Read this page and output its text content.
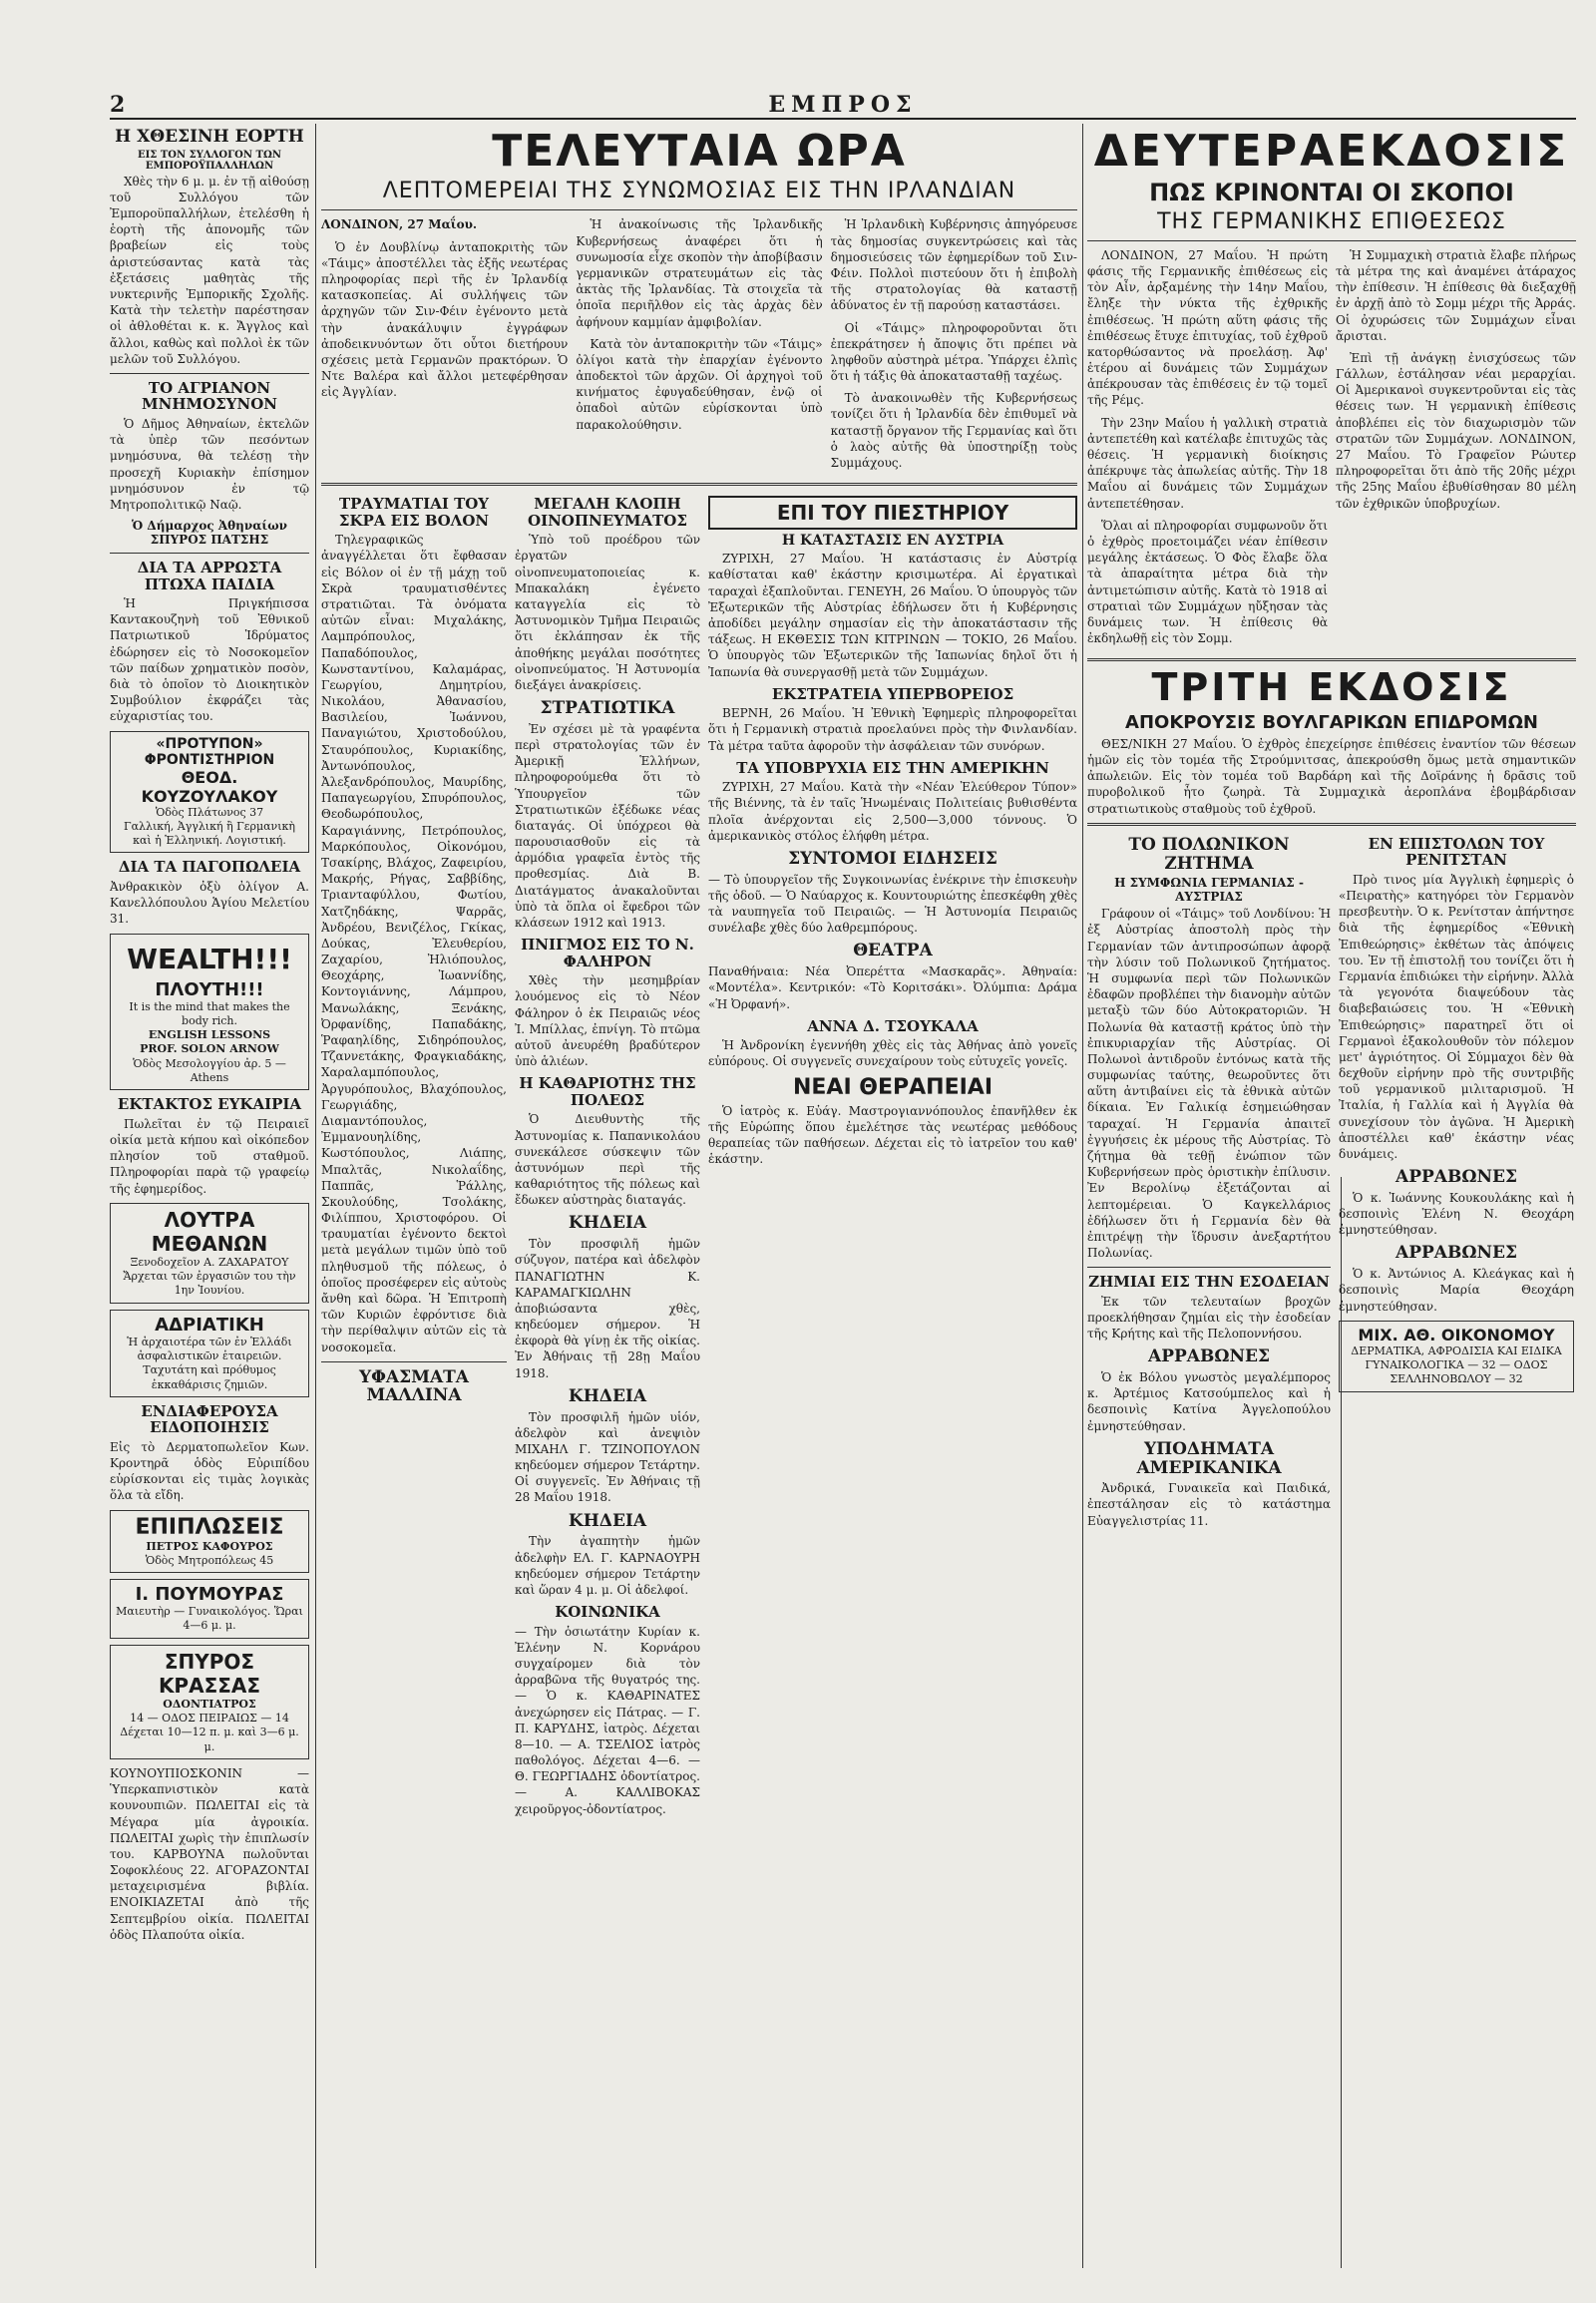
2	ΕΜΠΡΟΣ
Η ΧΘΕΣΙΝΗ ΕΟΡΤΗ
ΕΙΣ ΤΟΝ ΣΥΛΛΟΓΟΝ ΤΩΝ ΕΜΠΟΡΟΫΠΑΛΛΗΛΩΝ

Χθὲς τὴν 6 μ. μ. ἐν τῇ αἰθούσῃ τοῦ Συλλόγου τῶν Ἐμποροϋπαλλήλων, ἐτελέσθη ἡ ἑορτὴ τῆς ἀπονομῆς τῶν βραβείων εἰς τοὺς ἀριστεύσαντας κατὰ τὰς ἐξετάσεις μαθητὰς τῆς νυκτερινῆς Ἐμπορικῆς Σχολῆς. Κατὰ τὴν τελετὴν παρέστησαν οἱ ἀθλοθέται κ. κ. Ἄγγλος καὶ ἄλλοι, καθὼς καὶ πολλοὶ ἐκ τῶν μελῶν τοῦ Συλλόγου.

ΤΟ ΑΓΡΙΑΝΟΝ ΜΝΗΜΟΣΥΝΟΝ

Ὁ Δῆμος Ἀθηναίων, ἐκτελῶν τὰ ὑπὲρ τῶν πεσόντων μνημόσυνα, θὰ τελέσῃ τὴν προσεχῆ Κυριακὴν ἐπίσημον μνημόσυνον ἐν τῷ Μητροπολιτικῷ Ναῷ.

Ὁ Δήμαρχος Ἀθηναίων ΣΠΥΡΟΣ ΠΑΤΣΗΣ
ΔΙΑ ΤΑ ΑΡΡΩΣΤΑ ΠΤΩΧΑ ΠΑΙΔΙΑ

Ἡ Πριγκήπισσα Καντακουζηνὴ τοῦ Ἐθνικοῦ Πατριωτικοῦ Ἱδρύματος ἐδώρησεν εἰς τὸ Νοσοκομεῖον τῶν παίδων χρηματικὸν ποσὸν, διὰ τὸ ὁποῖον τὸ Διοικητικὸν Συμβούλιον ἐκφράζει τὰς εὐχαριστίας του.

«ΠΡΟΤΥΠΟΝ» ΦΡΟΝΤΙΣΤΗΡΙΟΝ
ΘΕΟΔ. ΚΟΥΖΟΥΛΑΚΟΥ
Ὁδὸς Πλάτωνος 37
Γαλλική, Ἀγγλική ἢ Γερμανικὴ καὶ ἡ Ἑλληνική. Λογιστική.
ΔΙΑ ΤΑ ΠΑΓΟΠΩΛΕΙΑ

Ἀνθρακικὸν ὀξὺ ὀλίγον Α. Κανελλόπουλου Ἁγίου Μελετίου 31.

WEALTH!!!
ΠΛΟΥΤΗ!!!
It is the mind that makes the body rich.
ENGLISH LESSONS
PROF. SOLON ARNOW
Ὁδὸς Μεσολογγίου ἀρ. 5 — Athens
ΕΚΤΑΚΤΟΣ ΕΥΚΑΙΡΙΑ

Πωλεῖται ἐν τῷ Πειραιεῖ οἰκία μετὰ κήπου καὶ οἰκόπεδον πλησίον τοῦ σταθμοῦ. Πληροφορίαι παρὰ τῷ γραφείῳ τῆς ἐφημερίδος.

ΛΟΥΤΡΑ ΜΕΘΑΝΩΝ
Ξενοδοχεῖον Α. ΖΑΧΑΡΑΤΟΥ
Ἄρχεται τῶν ἐργασιῶν του τὴν 1ην Ἰουνίου.
ΑΔΡΙΑΤΙΚΗ
Ἡ ἀρχαιοτέρα τῶν ἐν Ἑλλάδι ἀσφαλιστικῶν ἑταιρειῶν. Ταχυτάτη καὶ πρόθυμος ἐκκαθάρισις ζημιῶν.
ΕΝΔΙΑΦΕΡΟΥΣΑ ΕΙΔΟΠΟΙΗΣΙΣ

Εἰς τὸ Δερματοπωλεῖον Κων. Κροντηρᾶ ὁδὸς Εὐριπίδου εὑρίσκονται εἰς τιμὰς λογικὰς ὅλα τὰ εἴδη.

ΕΠΙΠΛΩΣΕΙΣ
ΠΕΤΡΟΣ ΚΑΦΟΥΡΟΣ
Ὁδὸς Μητροπόλεως 45
Ι. ΠΟΥΜΟΥΡΑΣ
Μαιευτὴρ — Γυναικολόγος. Ὥραι 4—6 μ. μ.
ΣΠΥΡΟΣ ΚΡΑΣΣΑΣ
ΟΔΟΝΤΙΑΤΡΟΣ
14 — ΟΔΟΣ ΠΕΙΡΑΙΩΣ — 14
Δέχεται 10—12 π. μ. καὶ 3—6 μ. μ.

ΚΟΥΝΟΥΠΙΟΣΚΟΝΙΝ — Ὑπερκαπνιστικὸν κατὰ κουνουπιῶν. ΠΩΛΕΙΤΑΙ εἰς τὰ Μέγαρα μία ἀγροικία. ΠΩΛΕΙΤΑΙ χωρὶς τὴν ἐπιπλωσίν του. ΚΑΡΒΟΥΝΑ πωλοῦνται Σοφοκλέους 22. ΑΓΟΡΑΖΟΝΤΑΙ μεταχειρισμένα βιβλία. ΕΝΟΙΚΙΑΖΕΤΑΙ ἀπὸ τῆς Σεπτεμβρίου οἰκία. ΠΩΛΕΙΤΑΙ ὁδὸς Πλαπούτα οἰκία.

ΤΕΛΕΥΤΑΙΑ ΩΡΑ
ΛΕΠΤΟΜΕΡΕΙΑΙ ΤΗΣ ΣΥΝΩΜΟΣΙΑΣ ΕΙΣ ΤΗΝ ΙΡΛΑΝΔΙΑΝ

ΛΟΝΔΙΝΟΝ, 27 Μαΐου.

Ὁ ἐν Δουβλίνῳ ἀνταποκριτὴς τῶν «Τάιμς» ἀποστέλλει τὰς ἑξῆς νεωτέρας πληροφορίας περὶ τῆς ἐν Ἰρλανδίᾳ κατασκοπείας. Αἱ συλλήψεις τῶν ἀρχηγῶν τῶν Σιν-Φέιν ἐγένοντο μετὰ τὴν ἀνακάλυψιν ἐγγράφων ἀποδεικνυόντων ὅτι οὗτοι διετήρουν σχέσεις μετὰ Γερμανῶν πρακτόρων. Ὁ Ντε Βαλέρα καὶ ἄλλοι μετεφέρθησαν εἰς Ἀγγλίαν.

Ἡ ἀνακοίνωσις τῆς Ἰρλανδικῆς Κυβερνήσεως ἀναφέρει ὅτι ἡ συνωμοσία εἶχε σκοπὸν τὴν ἀποβίβασιν γερμανικῶν στρατευμάτων εἰς τὰς ἀκτὰς τῆς Ἰρλανδίας. Τὰ στοιχεῖα τὰ ὁποῖα περιῆλθον εἰς τὰς ἀρχὰς δὲν ἀφήνουν καμμίαν ἀμφιβολίαν.

Κατὰ τὸν ἀνταποκριτὴν τῶν «Τάιμς» ὀλίγοι κατὰ τὴν ἐπαρχίαν ἐγένοντο ἀποδεκτοὶ τῶν ἀρχῶν. Οἱ ἀρχηγοὶ τοῦ κινήματος ἐφυγαδεύθησαν, ἐνῷ οἱ ὀπαδοὶ αὐτῶν εὑρίσκονται ὑπὸ παρακολούθησιν.

Ἡ Ἰρλανδικὴ Κυβέρνησις ἀπηγόρευσε τὰς δημοσίας συγκεντρώσεις καὶ τὰς δημοσιεύσεις τῶν ἐφημερίδων τοῦ Σιν-Φέιν. Πολλοὶ πιστεύουν ὅτι ἡ ἐπιβολὴ τῆς στρατολογίας θὰ καταστῇ ἀδύνατος ἐν τῇ παρούσῃ καταστάσει.

Οἱ «Τάιμς» πληροφοροῦνται ὅτι ἐπεκράτησεν ἡ ἄποψις ὅτι πρέπει νὰ ληφθοῦν αὐστηρὰ μέτρα. Ὑπάρχει ἐλπὶς ὅτι ἡ τάξις θὰ ἀποκατασταθῇ ταχέως.

Τὸ ἀνακοινωθὲν τῆς Κυβερνήσεως τονίζει ὅτι ἡ Ἰρλανδία δὲν ἐπιθυμεῖ νὰ καταστῇ ὄργανον τῆς Γερμανίας καὶ ὅτι ὁ λαὸς αὐτῆς θὰ ὑποστηρίξῃ τοὺς Συμμάχους.

ΤΡΑΥΜΑΤΙΑΙ ΤΟΥ ΣΚΡΑ ΕΙΣ ΒΟΛΟΝ

Τηλεγραφικῶς ἀναγγέλλεται ὅτι ἔφθασαν εἰς Βόλον οἱ ἐν τῇ μάχῃ τοῦ Σκρὰ τραυματισθέντες στρατιῶται. Τὰ ὀνόματα αὐτῶν εἶναι: Μιχαλάκης, Λαμπρόπουλος, Παπαδόπουλος, Κωνσταντίνου, Καλαμάρας, Γεωργίου, Δημητρίου, Νικολάου, Ἀθανασίου, Βασιλείου, Ἰωάννου, Παναγιώτου, Χριστοδούλου, Σταυρόπουλος, Κυριακίδης, Ἀντωνόπουλος, Ἀλεξανδρόπουλος, Μαυρίδης, Παπαγεωργίου, Σπυρόπουλος, Θεοδωρόπουλος, Καραγιάννης, Πετρόπουλος, Μαρκόπουλος, Οἰκονόμου, Τσακίρης, Βλάχος, Ζαφειρίου, Μακρής, Ρήγας, Σαββίδης, Τριανταφύλλου, Φωτίου, Χατζηδάκης, Ψαρρᾶς, Ἀνδρέου, Βενιζέλος, Γκίκας, Δούκας, Ἐλευθερίου, Ζαχαρίου, Ἠλιόπουλος, Θεοχάρης, Ἰωαννίδης, Κοντογιάννης, Λάμπρου, Μανωλάκης, Ξενάκης, Ὀρφανίδης, Παπαδάκης, Ῥαφαηλίδης, Σιδηρόπουλος, Τζαννετάκης, Φραγκιαδάκης, Χαραλαμπόπουλος, Ἀργυρόπουλος, Βλαχόπουλος, Γεωργιάδης, Διαμαντόπουλος, Ἐμμανουηλίδης, Κωστόπουλος, Λιάπης, Μπαλτᾶς, Νικολαΐδης, Παππᾶς, Ῥάλλης, Σκουλούδης, Τσολάκης, Φιλίππου, Χριστοφόρου. Οἱ τραυματίαι ἐγένοντο δεκτοὶ μετὰ μεγάλων τιμῶν ὑπὸ τοῦ πληθυσμοῦ τῆς πόλεως, ὁ ὁποῖος προσέφερεν εἰς αὐτοὺς ἄνθη καὶ δῶρα. Ἡ Ἐπιτροπὴ τῶν Κυριῶν ἐφρόντισε διὰ τὴν περίθαλψιν αὐτῶν εἰς τὰ νοσοκομεῖα.

ΥΦΑΣΜΑΤΑ ΜΑΛΛΙΝΑ
ΜΕΓΑΛΗ ΚΛΟΠΗ ΟΙΝΟΠΝΕΥΜΑΤΟΣ

Ὑπὸ τοῦ προέδρου τῶν ἐργατῶν οἰνοπνευματοποιείας κ. Μπακαλάκη ἐγένετο καταγγελία εἰς τὸ Ἀστυνομικὸν Τμῆμα Πειραιῶς ὅτι ἐκλάπησαν ἐκ τῆς ἀποθήκης μεγάλαι ποσότητες οἰνοπνεύματος. Ἡ Ἀστυνομία διεξάγει ἀνακρίσεις.

ΣΤΡΑΤΙΩΤΙΚΑ

Ἐν σχέσει μὲ τὰ γραφέντα περὶ στρατολογίας τῶν ἐν Ἀμερικῇ Ἑλλήνων, πληροφορούμεθα ὅτι τὸ Ὑπουργεῖον τῶν Στρατιωτικῶν ἐξέδωκε νέας διαταγάς. Οἱ ὑπόχρεοι θὰ παρουσιασθοῦν εἰς τὰ ἀρμόδια γραφεῖα ἐντὸς τῆς προθεσμίας. Διὰ Β. Διατάγματος ἀνακαλοῦνται ὑπὸ τὰ ὅπλα οἱ ἔφεδροι τῶν κλάσεων 1912 καὶ 1913.

ΠΝΙΓΜΟΣ ΕΙΣ ΤΟ Ν. ΦΑΛΗΡΟΝ

Χθὲς τὴν μεσημβρίαν λουόμενος εἰς τὸ Νέον Φάληρον ὁ ἐκ Πειραιῶς νέος Ἰ. Μπίλλας, ἐπνίγη. Τὸ πτῶμα αὐτοῦ ἀνευρέθη βραδύτερον ὑπὸ ἁλιέων.

Η ΚΑΘΑΡΙΟΤΗΣ ΤΗΣ ΠΟΛΕΩΣ

Ὁ Διευθυντὴς τῆς Ἀστυνομίας κ. Παπανικολάου συνεκάλεσε σύσκεψιν τῶν ἀστυνόμων περὶ τῆς καθαριότητος τῆς πόλεως καὶ ἔδωκεν αὐστηρὰς διαταγάς.

ΚΗΔΕΙΑ

Τὸν προσφιλῆ ἡμῶν σύζυγον, πατέρα καὶ ἀδελφὸν ΠΑΝΑΓΙΩΤΗΝ Κ. ΚΑΡΑΜΑΓΚΙΩΛΗΝ ἀποβιώσαντα χθὲς, κηδεύομεν σήμερον. Ἡ ἐκφορὰ θὰ γίνῃ ἐκ τῆς οἰκίας. Ἐν Ἀθήναις τῇ 28ῃ Μαΐου 1918.

ΚΗΔΕΙΑ

Τὸν προσφιλῆ ἡμῶν υἱόν, ἀδελφὸν καὶ ἀνεψιὸν ΜΙΧΑΗΛ Γ. ΤΖΙΝΟΠΟΥΛΟΝ κηδεύομεν σήμερον Τετάρτην. Οἱ συγγενεῖς. Ἐν Ἀθήναις τῇ 28 Μαΐου 1918.

ΚΗΔΕΙΑ

Τὴν ἀγαπητὴν ἡμῶν ἀδελφὴν ΕΛ. Γ. ΚΑΡΝΑΟΥΡΗ κηδεύομεν σήμερον Τετάρτην καὶ ὥραν 4 μ. μ. Οἱ ἀδελφοί.

ΚΟΙΝΩΝΙΚΑ

— Τὴν ὁσιωτάτην Κυρίαν κ. Ἐλένην Ν. Κορνάρου συγχαίρομεν διὰ τὸν ἀρραβῶνα τῆς θυγατρός της. — Ὁ κ. ΚΑΘΑΡΙΝΑΤΕΣ ἀνεχώρησεν εἰς Πάτρας. — Γ. Π. ΚΑΡΥΔΗΣ, ἰατρὸς. Δέχεται 8—10. — Α. ΤΣΕΛΙΟΣ ἰατρὸς παθολόγος. Δέχεται 4—6. — Θ. ΓΕΩΡΓΙΑΔΗΣ ὀδοντίατρος. — Α. ΚΑΛΛΙΒΟΚΑΣ χειροῦργος-ὀδοντίατρος.

ΕΠΙ ΤΟΥ ΠΙΕΣΤΗΡΙΟΥ
Η ΚΑΤΑΣΤΑΣΙΣ ΕΝ ΑΥΣΤΡΙΑ

ΖΥΡΙΧΗ, 27 Μαΐου. Ἡ κατάστασις ἐν Αὐστρίᾳ καθίσταται καθ' ἑκάστην κρισιμωτέρα. Αἱ ἐργατικαὶ ταραχαὶ ἐξαπλοῦνται. ΓΕΝΕΥΗ, 26 Μαΐου. Ὁ ὑπουργὸς τῶν Ἐξωτερικῶν τῆς Αὐστρίας ἐδήλωσεν ὅτι ἡ Κυβέρνησις ἀποδίδει μεγάλην σημασίαν εἰς τὴν ἀποκατάστασιν τῆς τάξεως. Η ΕΚΘΕΣΙΣ ΤΩΝ ΚΙΤΡΙΝΩΝ — ΤΟΚΙΟ, 26 Μαΐου. Ὁ ὑπουργὸς τῶν Ἐξωτερικῶν τῆς Ἰαπωνίας δηλοῖ ὅτι ἡ Ἰαπωνία θὰ συνεργασθῇ μετὰ τῶν Συμμάχων.

ΕΚΣΤΡΑΤΕΙΑ ΥΠΕΡΒΟΡΕΙΟΣ

ΒΕΡΝΗ, 26 Μαΐου. Ἡ Ἐθνικὴ Ἐφημερὶς πληροφορεῖται ὅτι ἡ Γερμανικὴ στρατιὰ προελαύνει πρὸς τὴν Φινλανδίαν. Τὰ μέτρα ταῦτα ἀφοροῦν τὴν ἀσφάλειαν τῶν συνόρων.

ΤΑ ΥΠΟΒΡΥΧΙΑ ΕΙΣ ΤΗΝ ΑΜΕΡΙΚΗΝ

ΖΥΡΙΧΗ, 27 Μαΐου. Κατὰ τὴν «Νέαν Ἐλεύθερον Τύπον» τῆς Βιέννης, τὰ ἐν ταῖς Ἡνωμέναις Πολιτείαις βυθισθέντα πλοῖα ἀνέρχονται εἰς 2,500—3,000 τόννους. Ὁ ἀμερικανικὸς στόλος ἐλήφθη μέτρα.

ΣΥΝΤΟΜΟΙ ΕΙΔΗΣΕΙΣ

— Τὸ ὑπουργεῖον τῆς Συγκοινωνίας ἐνέκρινε τὴν ἐπισκευὴν τῆς ὁδοῦ. — Ὁ Ναύαρχος κ. Κουντουριώτης ἐπεσκέφθη χθὲς τὰ ναυπηγεῖα τοῦ Πειραιῶς. — Ἡ Ἀστυνομία Πειραιῶς συνέλαβε χθὲς δύο λαθρεμπόρους.

ΘΕΑΤΡΑ

Παναθήναια: Νέα Ὀπερέττα «Μασκαρᾶς». Ἀθηναία: «Μοντέλα». Κεντρικόν: «Τὸ Κοριτσάκι». Ὀλύμπια: Δράμα «Ἡ Ὀρφανή».

ΑΝΝΑ Δ. ΤΣΟΥΚΑΛΑ

Ἡ Ἀνδρονίκη ἐγεννήθη χθὲς εἰς τὰς Ἀθήνας ἀπὸ γονεῖς εὐπόρους. Οἱ συγγενεῖς συνεχαίρουν τοὺς εὐτυχεῖς γονεῖς.

ΝΕΑΙ ΘΕΡΑΠΕΙΑΙ

Ὁ ἰατρὸς κ. Εὐάγ. Μαστρογιαννόπουλος ἐπανῆλθεν ἐκ τῆς Εὐρώπης ὅπου ἐμελέτησε τὰς νεωτέρας μεθόδους θεραπείας τῶν παθήσεων. Δέχεται εἰς τὸ ἰατρεῖον του καθ' ἑκάστην.

ΔΕΥΤΕΡΑΕΚΔΟΣΙΣ
ΠΩΣ ΚΡΙΝΟΝΤΑΙ ΟΙ ΣΚΟΠΟΙ
ΤΗΣ ΓΕΡΜΑΝΙΚΗΣ ΕΠΙΘΕΣΕΩΣ

ΛΟΝΔΙΝΟΝ, 27 Μαΐου. Ἡ πρώτη φάσις τῆς Γερμανικῆς ἐπιθέσεως εἰς τὸν Αἶν, ἀρξαμένης τὴν 14ην Μαΐου, ἔληξε τὴν νύκτα τῆς ἐχθρικῆς ἐπιθέσεως. Ἡ πρώτη αὕτη φάσις τῆς ἐπιθέσεως ἔτυχε ἐπιτυχίας, τοῦ ἐχθροῦ κατορθώσαντος νὰ προελάσῃ. Ἀφ' ἑτέρου αἱ δυνάμεις τῶν Συμμάχων ἀπέκρουσαν τὰς ἐπιθέσεις ἐν τῷ τομεῖ τῆς Ρέμς.

Τὴν 23ην Μαΐου ἡ γαλλικὴ στρατιὰ ἀντεπετέθη καὶ κατέλαβε ἐπιτυχῶς τὰς θέσεις. Ἡ γερμανικὴ διοίκησις ἀπέκρυψε τὰς ἀπωλείας αὐτῆς. Τὴν 18 Μαΐου αἱ δυνάμεις τῶν Συμμάχων ἀντεπετέθησαν.

Ὅλαι αἱ πληροφορίαι συμφωνοῦν ὅτι ὁ ἐχθρὸς προετοιμάζει νέαν ἐπίθεσιν μεγάλης ἐκτάσεως. Ὁ Φὸς ἔλαβε ὅλα τὰ ἀπαραίτητα μέτρα διὰ τὴν ἀντιμετώπισιν αὐτῆς. Κατὰ τὸ 1918 αἱ στρατιαὶ τῶν Συμμάχων ηὔξησαν τὰς δυνάμεις των. Ἡ ἐπίθεσις θὰ ἐκδηλωθῇ εἰς τὸν Σομμ.

Ἡ Συμμαχικὴ στρατιὰ ἔλαβε πλήρως τὰ μέτρα της καὶ ἀναμένει ἀτάραχος τὴν ἐπίθεσιν. Ἡ ἐπίθεσις θὰ διεξαχθῇ ἐν ἀρχῇ ἀπὸ τὸ Σομμ μέχρι τῆς Ἀρράς. Οἱ ὀχυρώσεις τῶν Συμμάχων εἶναι ἄρισται.

Ἐπὶ τῇ ἀνάγκῃ ἐνισχύσεως τῶν Γάλλων, ἐστάλησαν νέαι μεραρχίαι. Οἱ Ἀμερικανοὶ συγκεντροῦνται εἰς τὰς θέσεις των. Ἡ γερμανικὴ ἐπίθεσις ἀποβλέπει εἰς τὸν διαχωρισμὸν τῶν στρατῶν τῶν Συμμάχων. ΛΟΝΔΙΝΟΝ, 27 Μαΐου. Τὸ Γραφεῖον Ρώυτερ πληροφορεῖται ὅτι ἀπὸ τῆς 20ῆς μέχρι τῆς 25ης Μαΐου ἐβυθίσθησαν 80 μέλη τῶν ἐχθρικῶν ὑποβρυχίων.

ΤΡΙΤΗ ΕΚΔΟΣΙΣ
ΑΠΟΚΡΟΥΣΙΣ ΒΟΥΛΓΑΡΙΚΩΝ ΕΠΙΔΡΟΜΩΝ

ΘΕΣ/ΝΙΚΗ 27 Μαΐου. Ὁ ἐχθρὸς ἐπεχείρησε ἐπιθέσεις ἐναντίον τῶν θέσεων ἡμῶν εἰς τὸν τομέα τῆς Στρούμνιτσας, ἀπεκρούσθη ὅμως μετὰ σημαντικῶν ἀπωλειῶν. Εἰς τὸν τομέα τοῦ Βαρδάρη καὶ τῆς Δοϊράνης ἡ δρᾶσις τοῦ πυροβολικοῦ ἦτο ζωηρὰ. Τὰ Συμμαχικὰ ἀεροπλάνα ἐβομβάρδισαν στρατιωτικοὺς σταθμοὺς τοῦ ἐχθροῦ.

ΤΟ ΠΟΛΩΝΙΚΟΝ ΖΗΤΗΜΑ
Η ΣΥΜΦΩΝΙΑ ΓΕΡΜΑΝΙΑΣ - ΑΥΣΤΡΙΑΣ

Γράφουν οἱ «Τάιμς» τοῦ Λονδίνου: Ἡ ἐξ Αὐστρίας ἀποστολὴ πρὸς τὴν Γερμανίαν τῶν ἀντιπροσώπων ἀφορᾷ τὴν λύσιν τοῦ Πολωνικοῦ ζητήματος. Ἡ συμφωνία περὶ τῶν Πολωνικῶν ἐδαφῶν προβλέπει τὴν διανομὴν αὐτῶν μεταξὺ τῶν δύο Αὐτοκρατοριῶν. Ἡ Πολωνία θὰ καταστῇ κράτος ὑπὸ τὴν ἐπικυριαρχίαν τῆς Αὐστρίας. Οἱ Πολωνοὶ ἀντιδροῦν ἐντόνως κατὰ τῆς συμφωνίας ταύτης, θεωροῦντες ὅτι αὕτη ἀντιβαίνει εἰς τὰ ἐθνικὰ αὐτῶν δίκαια. Ἐν Γαλικίᾳ ἐσημειώθησαν ταραχαί. Ἡ Γερμανία ἀπαιτεῖ ἐγγυήσεις ἐκ μέρους τῆς Αὐστρίας. Τὸ ζήτημα θὰ τεθῇ ἐνώπιον τῶν Κυβερνήσεων πρὸς ὁριστικὴν ἐπίλυσιν. Ἐν Βερολίνῳ ἐξετάζονται αἱ λεπτομέρειαι. Ὁ Καγκελλάριος ἐδήλωσεν ὅτι ἡ Γερμανία δὲν θὰ ἐπιτρέψῃ τὴν ἵδρυσιν ἀνεξαρτήτου Πολωνίας.

ΖΗΜΙΑΙ ΕΙΣ ΤΗΝ ΕΣΟΔΕΙΑΝ

Ἐκ τῶν τελευταίων βροχῶν προεκλήθησαν ζημίαι εἰς τὴν ἐσοδείαν τῆς Κρήτης καὶ τῆς Πελοποννήσου.

ΑΡΡΑΒΩΝΕΣ

Ὁ ἐκ Βόλου γνωστὸς μεγαλέμπορος κ. Ἀρτέμιος Κατσούμπελος καὶ ἡ δεσποινὶς Κατίνα Ἀγγελοπούλου ἐμνηστεύθησαν.

ΥΠΟΔΗΜΑΤΑ ΑΜΕΡΙΚΑΝΙΚΑ

Ἀνδρικά, Γυναικεῖα καὶ Παιδικά, ἐπεστάλησαν εἰς τὸ κατάστημα Εὐαγγελιστρίας 11.

ΕΝ ΕΠΙΣΤΟΛΩΝ ΤΟΥ ΡΕΝΙΤΣΤΑΝ

Πρὸ τινος μία Ἀγγλικὴ ἐφημερὶς ὁ «Πειρατὴς» κατηγόρει τὸν Γερμανὸν πρεσβευτὴν. Ὁ κ. Ρενίτσταν ἀπήντησε διὰ τῆς ἐφημερίδος «Ἐθνικὴ Ἐπιθεώρησις» ἐκθέτων τὰς ἀπόψεις του. Ἐν τῇ ἐπιστολῇ του τονίζει ὅτι ἡ Γερμανία ἐπιδιώκει τὴν εἰρήνην. Ἀλλὰ τὰ γεγονότα διαψεύδουν τὰς διαβεβαιώσεις του. Ἡ «Ἐθνικὴ Ἐπιθεώρησις» παρατηρεῖ ὅτι οἱ Γερμανοὶ ἐξακολουθοῦν τὸν πόλεμον μετ' ἀγριότητος. Οἱ Σύμμαχοι δὲν θὰ δεχθοῦν εἰρήνην πρὸ τῆς συντριβῆς τοῦ γερμανικοῦ μιλιταρισμοῦ. Ἡ Ἰταλία, ἡ Γαλλία καὶ ἡ Ἀγγλία θὰ συνεχίσουν τὸν ἀγῶνα. Ἡ Ἀμερικὴ ἀποστέλλει καθ' ἑκάστην νέας δυνάμεις.

ΑΡΡΑΒΩΝΕΣ

Ὁ κ. Ἰωάννης Κουκουλάκης καὶ ἡ δεσποινὶς Ἑλένη Ν. Θεοχάρη ἐμνηστεύθησαν.

ΑΡΡΑΒΩΝΕΣ

Ὁ κ. Ἀντώνιος Α. Κλεάγκας καὶ ἡ δεσποινὶς Μαρία Θεοχάρη ἐμνηστεύθησαν.

ΜΙΧ. ΑΘ. ΟΙΚΟΝΟΜΟΥ
ΔΕΡΜΑΤΙΚΑ, ΑΦΡΟΔΙΣΙΑ ΚΑΙ ΕΙΔΙΚΑ ΓΥΝΑΙΚΟΛΟΓΙΚΑ — 32 — ΟΔΟΣ ΣΕΛΛΗΝΟΒΩΛΟΥ — 32
